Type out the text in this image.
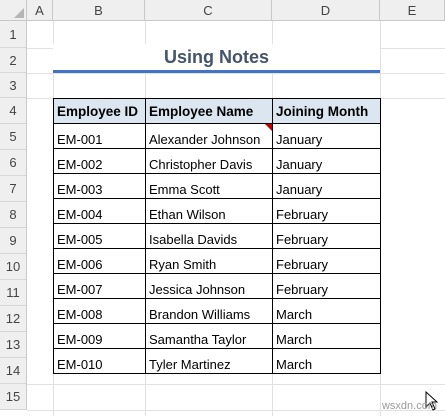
A	B	C	D	E
1
2
3
4
5
6
7
8
9
10
11
12
13
14
15
Using Notes
Employee ID	Employee Name	Joining Month
EM-001	Alexander Johnson	January
EM-002	Christopher Davis	January
EM-003	Emma Scott	January
EM-004	Ethan Wilson	February
EM-005	Isabella Davids	February
EM-006	Ryan Smith	February
EM-007	Jessica Johnson	February
EM-008	Brandon Williams	March
EM-009	Samantha Taylor	March
EM-010	Tyler Martinez	March
wsxdn.com
